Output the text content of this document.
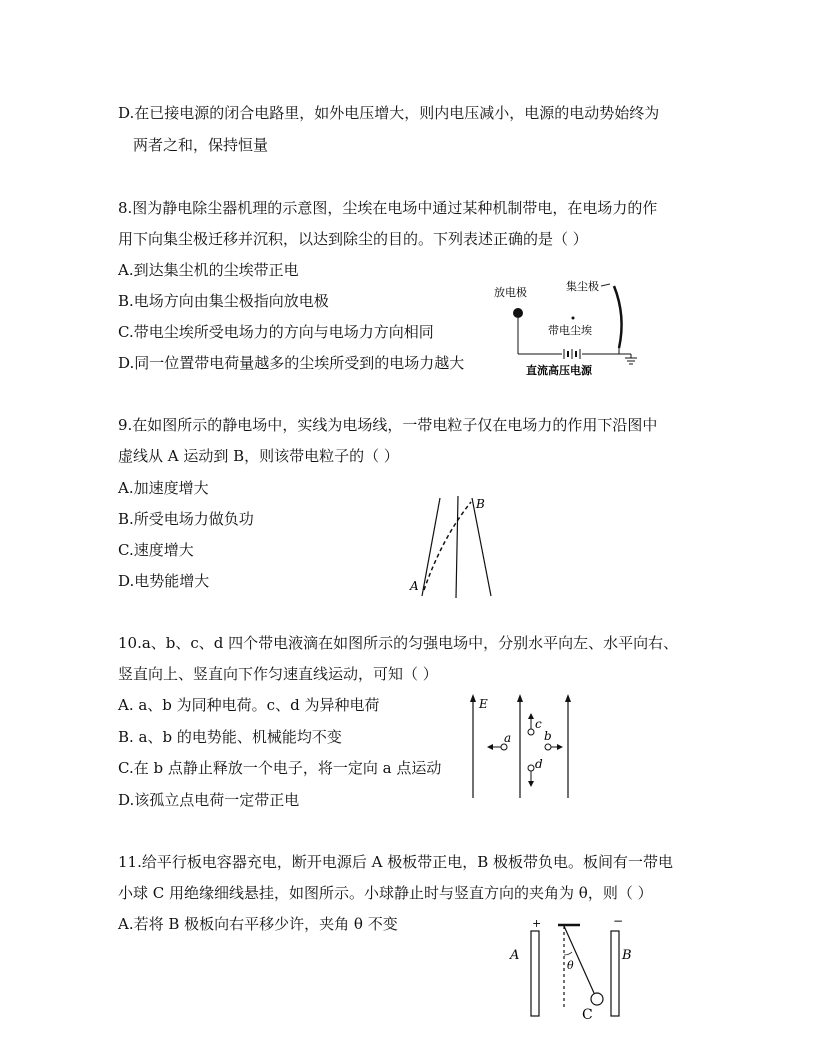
D.在已接电源的闭合电路里，如外电压增大，则内电压减小，电源的电动势始终为
两者之和，保持恒量
8.图为静电除尘器机理的示意图，尘埃在电场中通过某种机制带电，在电场力的作
用下向集尘极迁移并沉积，以达到除尘的目的。下列表述正确的是（ ）
A.到达集尘机的尘埃带正电
B.电场方向由集尘极指向放电极
C.带电尘埃所受电场力的方向与电场力方向相同
D.同一位置带电荷量越多的尘埃所受到的电场力越大
放电极	集尘极
带电尘埃
直流高压电源
9.在如图所示的静电场中，实线为电场线，一带电粒子仅在电场力的作用下沿图中
虚线从 A 运动到 B，则该带电粒子的（ ）
A.加速度增大
B.所受电场力做负功
C.速度增大
D.电势能增大	A
B
10.a、b、c、d 四个带电液滴在如图所示的匀强电场中，分别水平向左、水平向右、
竖直向上、竖直向下作匀速直线运动，可知（ ）
A. a、b 为同种电荷。c、d 为异种电荷
B. a、b 的电势能、机械能均不变
C.在 b 点静止释放一个电子，将一定向 a 点运动
D.该孤立点电荷一定带正电
E
a	b
c
d
11.给平行板电容器充电，断开电源后 A 极板带正电，B 极板带负电。板间有一带电
小球 C 用绝缘细线悬挂，如图所示。小球静止时与竖直方向的夹角为 θ，则（ ）
A.若将 B 极板向右平移少许，夹角 θ 不变	+
A
−
B
θ
C
